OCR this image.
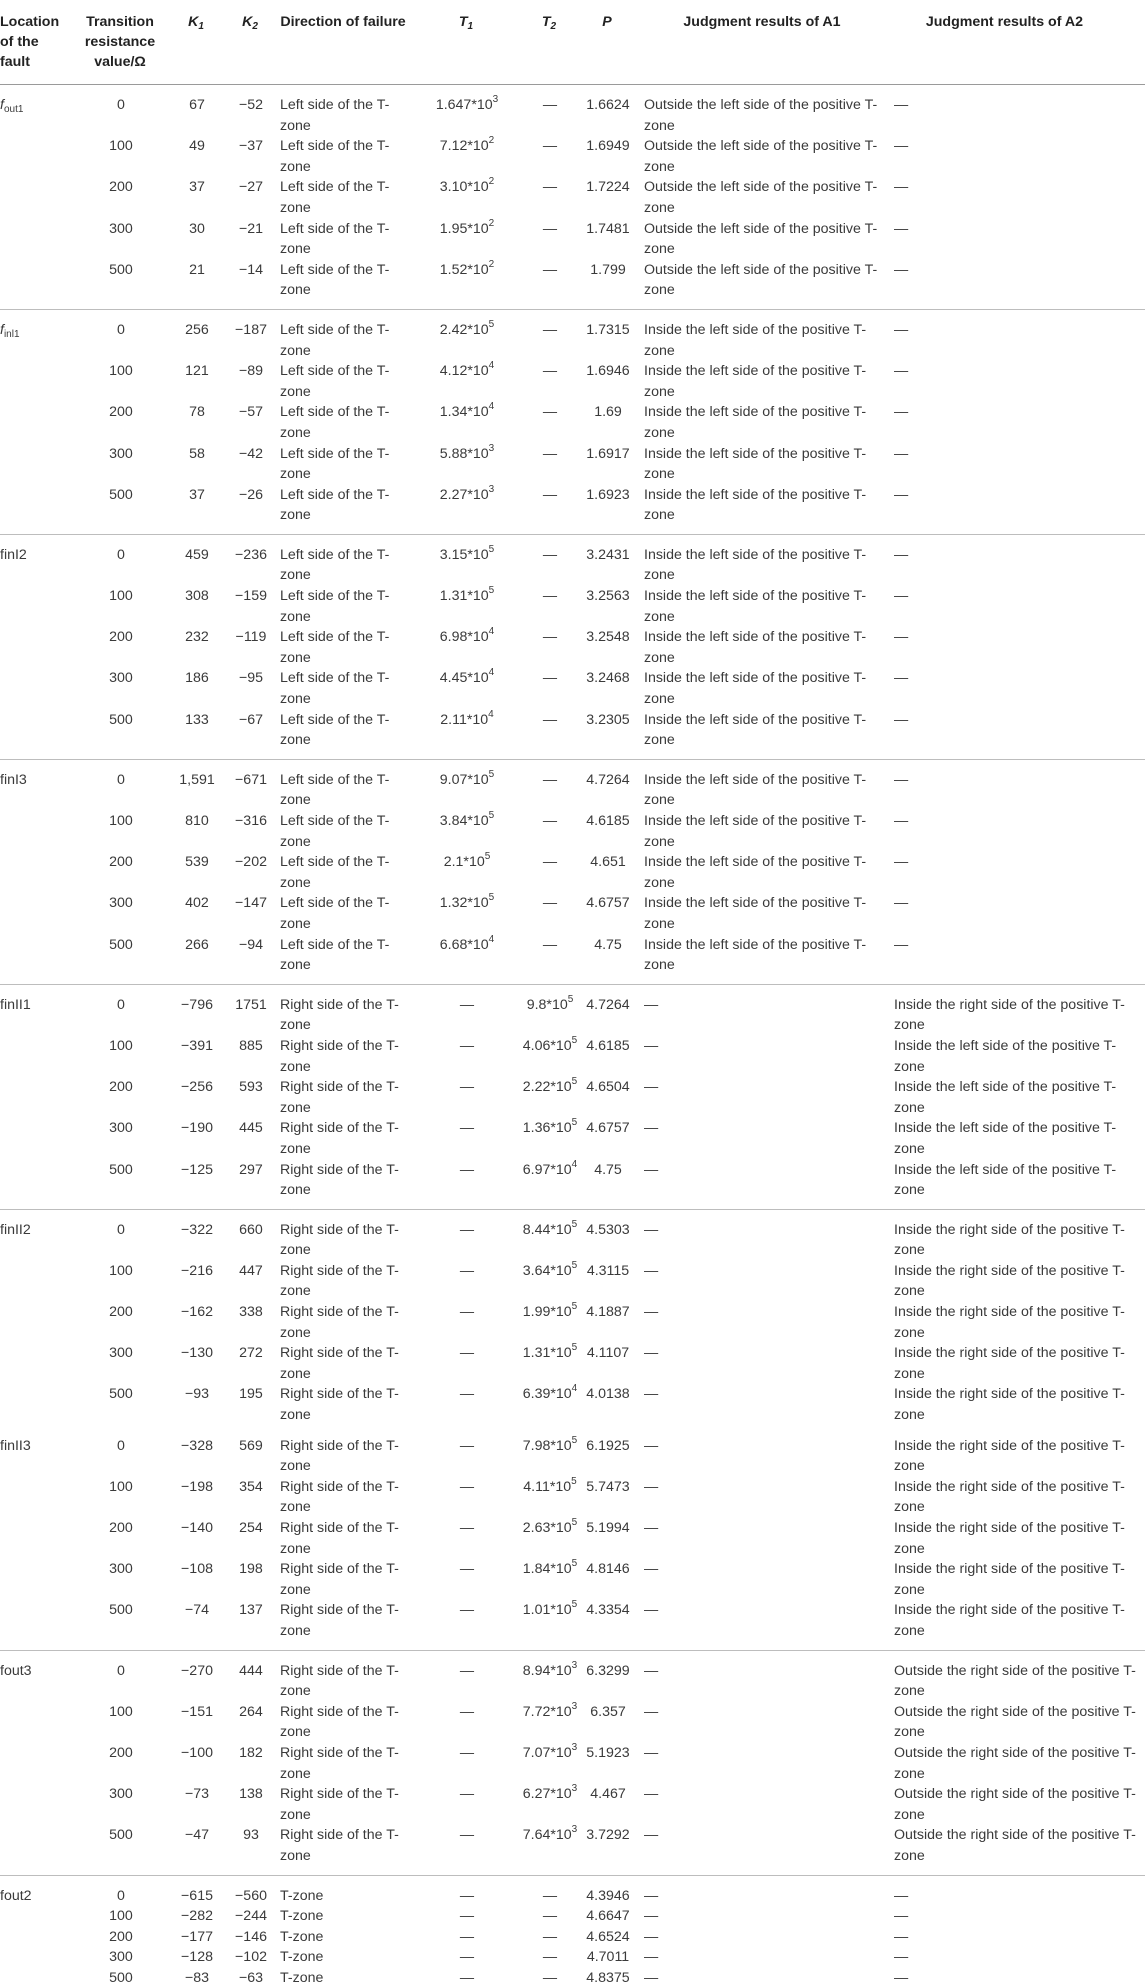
Location of the fault	Transition resistance value/Ω	$K_1$	$K_2$	Direction of failure	$T_1$	$T_2$	P	Judgment results of A1	Judgment results of A2
$f_{out1}$	0	67	−52	Left side of the T-zone	$1.647*10^3$	—	1.6624	Outside the left side of the positive T-zone	—
	100	49	−37	Left side of the T-zone	$7.12*10^2$	—	1.6949	Outside the left side of the positive T-zone	—
	200	37	−27	Left side of the T-zone	$3.10*10^2$	—	1.7224	Outside the left side of the positive T-zone	—
	300	30	−21	Left side of the T-zone	$1.95*10^2$	—	1.7481	Outside the left side of the positive T-zone	—
	500	21	−14	Left side of the T-zone	$1.52*10^2$	—	1.799	Outside the left side of the positive T-zone	—
$f_{inl1}$	0	256	−187	Left side of the T-zone	$2.42*10^5$	—	1.7315	Inside the left side of the positive T-zone	—
	100	121	−89	Left side of the T-zone	$4.12*10^4$	—	1.6946	Inside the left side of the positive T-zone	—
	200	78	−57	Left side of the T-zone	$1.34*10^4$	—	1.69	Inside the left side of the positive T-zone	—
	300	58	−42	Left side of the T-zone	$5.88*10^3$	—	1.6917	Inside the left side of the positive T-zone	—
	500	37	−26	Left side of the T-zone	$2.27*10^3$	—	1.6923	Inside the left side of the positive T-zone	—
finI2	0	459	−236	Left side of the T-zone	$3.15*10^5$	—	3.2431	Inside the left side of the positive T-zone	—
	100	308	−159	Left side of the T-zone	$1.31*10^5$	—	3.2563	Inside the left side of the positive T-zone	—
	200	232	−119	Left side of the T-zone	$6.98*10^4$	—	3.2548	Inside the left side of the positive T-zone	—
	300	186	−95	Left side of the T-zone	$4.45*10^4$	—	3.2468	Inside the left side of the positive T-zone	—
	500	133	−67	Left side of the T-zone	$2.11*10^4$	—	3.2305	Inside the left side of the positive T-zone	—
finI3	0	1,591	−671	Left side of the T-zone	$9.07*10^5$	—	4.7264	Inside the left side of the positive T-zone	—
	100	810	−316	Left side of the T-zone	$3.84*10^5$	—	4.6185	Inside the left side of the positive T-zone	—
	200	539	−202	Left side of the T-zone	$2.1*10^5$	—	4.651	Inside the left side of the positive T-zone	—
	300	402	−147	Left side of the T-zone	$1.32*10^5$	—	4.6757	Inside the left side of the positive T-zone	—
	500	266	−94	Left side of the T-zone	$6.68*10^4$	—	4.75	Inside the left side of the positive T-zone	—
finII1	0	−796	1751	Right side of the T-zone	—	$9.8*10^5$	4.7264	—	Inside the right side of the positive T-zone
	100	−391	885	Right side of the T-zone	—	$4.06*10^5$	4.6185	—	Inside the left side of the positive T-zone
	200	−256	593	Right side of the T-zone	—	$2.22*10^5$	4.6504	—	Inside the left side of the positive T-zone
	300	−190	445	Right side of the T-zone	—	$1.36*10^5$	4.6757	—	Inside the left side of the positive T-zone
	500	−125	297	Right side of the T-zone	—	$6.97*10^4$	4.75	—	Inside the left side of the positive T-zone
finII2	0	−322	660	Right side of the T-zone	—	$8.44*10^5$	4.5303	—	Inside the right side of the positive T-zone
	100	−216	447	Right side of the T-zone	—	$3.64*10^5$	4.3115	—	Inside the right side of the positive T-zone
	200	−162	338	Right side of the T-zone	—	$1.99*10^5$	4.1887	—	Inside the right side of the positive T-zone
	300	−130	272	Right side of the T-zone	—	$1.31*10^5$	4.1107	—	Inside the right side of the positive T-zone
	500	−93	195	Right side of the T-zone	—	$6.39*10^4$	4.0138	—	Inside the right side of the positive T-zone
finII3	0	−328	569	Right side of the T-zone	—	$7.98*10^5$	6.1925	—	Inside the right side of the positive T-zone
	100	−198	354	Right side of the T-zone	—	$4.11*10^5$	5.7473	—	Inside the right side of the positive T-zone
	200	−140	254	Right side of the T-zone	—	$2.63*10^5$	5.1994	—	Inside the right side of the positive T-zone
	300	−108	198	Right side of the T-zone	—	$1.84*10^5$	4.8146	—	Inside the right side of the positive T-zone
	500	−74	137	Right side of the T-zone	—	$1.01*10^5$	4.3354	—	Inside the right side of the positive T-zone
fout3	0	−270	444	Right side of the T-zone	—	$8.94*10^3$	6.3299	—	Outside the right side of the positive T-zone
	100	−151	264	Right side of the T-zone	—	$7.72*10^3$	6.357	—	Outside the right side of the positive T-zone
	200	−100	182	Right side of the T-zone	—	$7.07*10^3$	5.1923	—	Outside the right side of the positive T-zone
	300	−73	138	Right side of the T-zone	—	$6.27*10^3$	4.467	—	Outside the right side of the positive T-zone
	500	−47	93	Right side of the T-zone	—	$7.64*10^3$	3.7292	—	Outside the right side of the positive T-zone
fout2	0	−615	−560	T-zone	—	—	4.3946	—	—
	100	−282	−244	T-zone	—	—	4.6647	—	—
	200	−177	−146	T-zone	—	—	4.6524	—	—
	300	−128	−102	T-zone	—	—	4.7011	—	—
	500	−83	−63	T-zone	—	—	4.8375	—	—
